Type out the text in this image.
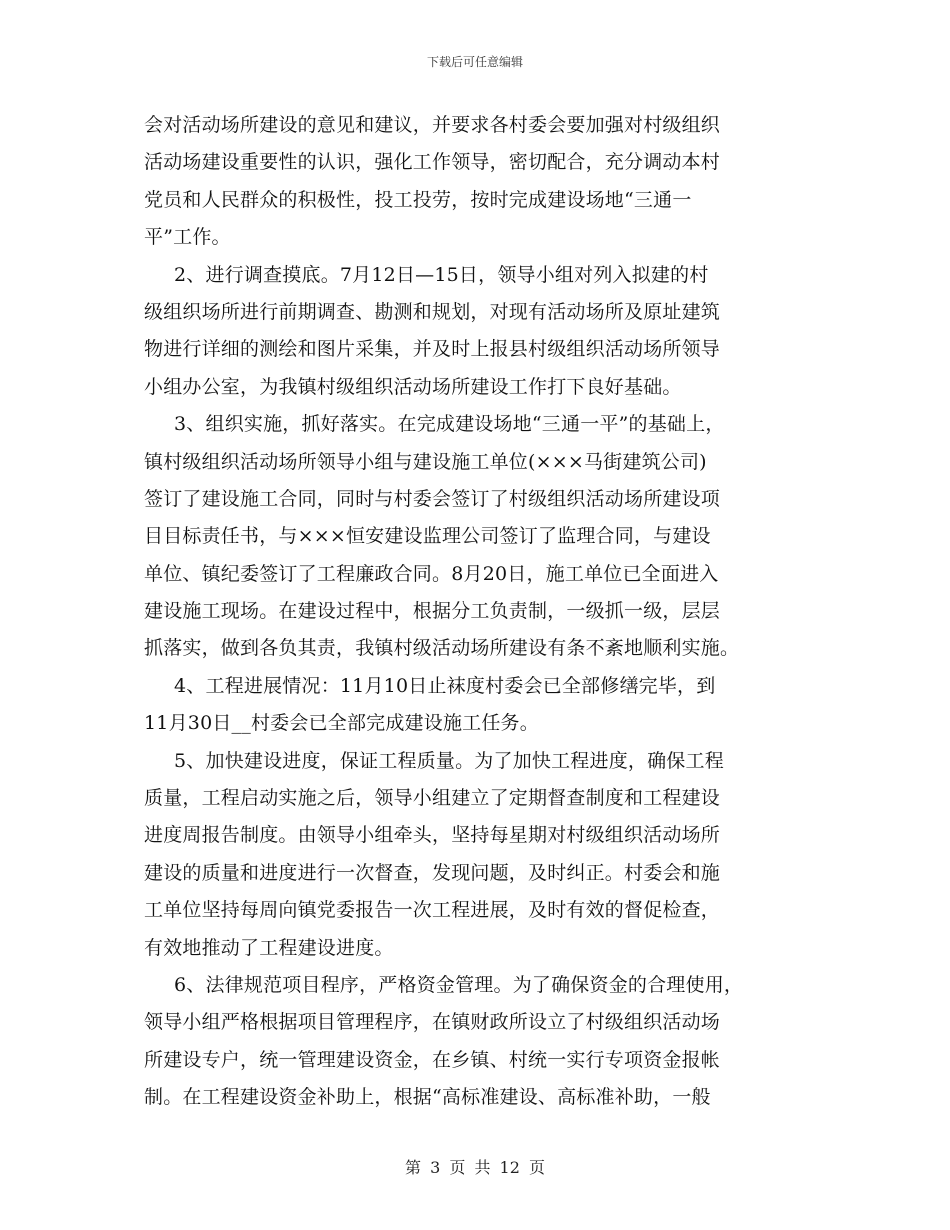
下载后可任意编辑
会对活动场所建设的意见和建议，并要求各村委会要加强对村级组织
活动场建设重要性的认识，强化工作领导，密切配合，充分调动本村
党员和人民群众的积极性，投工投劳，按时完成建设场地“三通一
平”工作。
2、进行调查摸底。7月12日—15日，领导小组对列入拟建的村
级组织场所进行前期调查、勘测和规划，对现有活动场所及原址建筑
物进行详细的测绘和图片采集，并及时上报县村级组织活动场所领导
小组办公室，为我镇村级组织活动场所建设工作打下良好基础。
3、组织实施，抓好落实。在完成建设场地“三通一平”的基础上，
镇村级组织活动场所领导小组与建设施工单位(×××马街建筑公司)
签订了建设施工合同，同时与村委会签订了村级组织活动场所建设项
目目标责任书，与×××恒安建设监理公司签订了监理合同，与建设
单位、镇纪委签订了工程廉政合同。8月20日，施工单位已全面进入
建设施工现场。在建设过程中，根据分工负责制，一级抓一级，层层
抓落实，做到各负其责，我镇村级活动场所建设有条不紊地顺利实施。
4、工程进展情况：11月10日止袜度村委会已全部修缮完毕，到
11月30日__村委会已全部完成建设施工任务。
5、加快建设进度，保证工程质量。为了加快工程进度，确保工程
质量，工程启动实施之后，领导小组建立了定期督查制度和工程建设
进度周报告制度。由领导小组牵头，坚持每星期对村级组织活动场所
建设的质量和进度进行一次督查，发现问题，及时纠正。村委会和施
工单位坚持每周向镇党委报告一次工程进展，及时有效的督促检查，
有效地推动了工程建设进度。
6、法律规范项目程序，严格资金管理。为了确保资金的合理使用，
领导小组严格根据项目管理程序，在镇财政所设立了村级组织活动场
所建设专户，统一管理建设资金，在乡镇、村统一实行专项资金报帐
制。在工程建设资金补助上，根据“高标准建设、高标准补助，一般
第 3 页 共 12 页
